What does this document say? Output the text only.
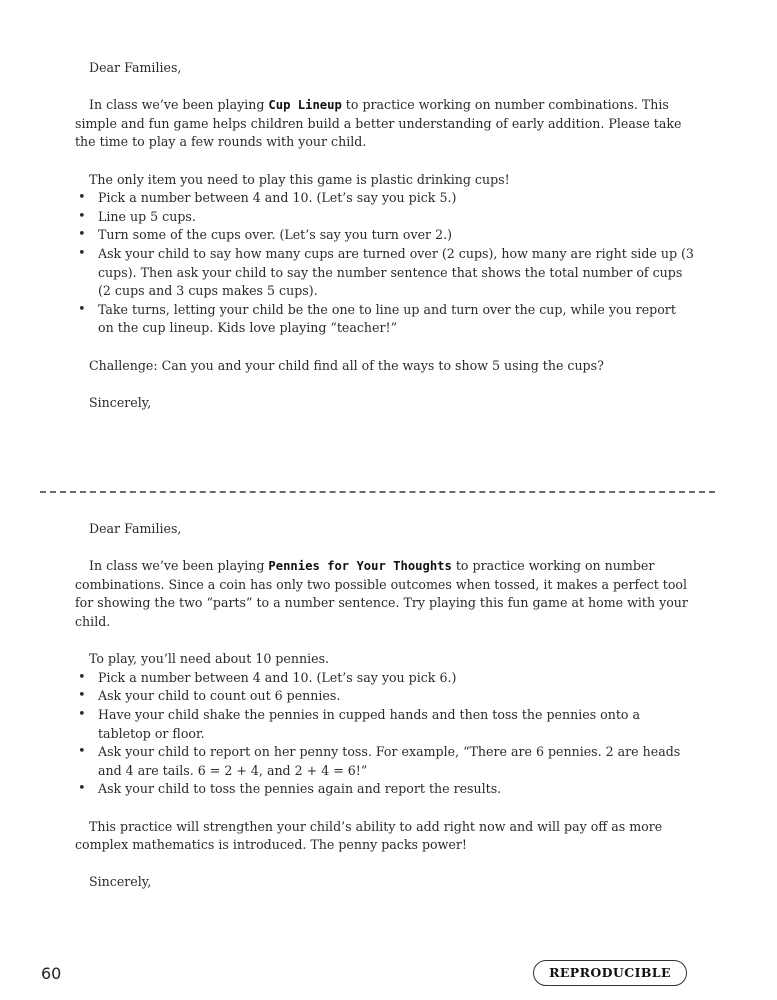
Dear Families,

In class we’ve been playing Cup Lineup to practice working on number combinations. This simple and fun game helps children build a better understanding of early addition. Please take the time to play a few rounds with your child.

The only item you need to play this game is plastic drinking cups!

• Pick a number between 4 and 10. (Let’s say you pick 5.)
• Line up 5 cups.
• Turn some of the cups over. (Let’s say you turn over 2.)
• Ask your child to say how many cups are turned over (2 cups), how many are right side up (3 cups). Then ask your child to say the number sentence that shows the total number of cups (2 cups and 3 cups makes 5 cups).
• Take turns, letting your child be the one to line up and turn over the cup, while you report on the cup lineup. Kids love playing “teacher!”

Challenge: Can you and your child find all of the ways to show 5 using the cups?

Sincerely,

Dear Families,

In class we’ve been playing Pennies for Your Thoughts to practice working on number combinations. Since a coin has only two possible outcomes when tossed, it makes a perfect tool for showing the two “parts” to a number sentence. Try playing this fun game at home with your child.

To play, you’ll need about 10 pennies.

• Pick a number between 4 and 10. (Let’s say you pick 6.)
• Ask your child to count out 6 pennies.
• Have your child shake the pennies in cupped hands and then toss the pennies onto a tabletop or floor.
• Ask your child to report on her penny toss. For example, “There are 6 pennies. 2 are heads and 4 are tails. 6 = 2 + 4, and 2 + 4 = 6!”
• Ask your child to toss the pennies again and report the results.

This practice will strengthen your child’s ability to add right now and will pay off as more complex mathematics is introduced. The penny packs power!

Sincerely,

60	REPRODUCIBLE
